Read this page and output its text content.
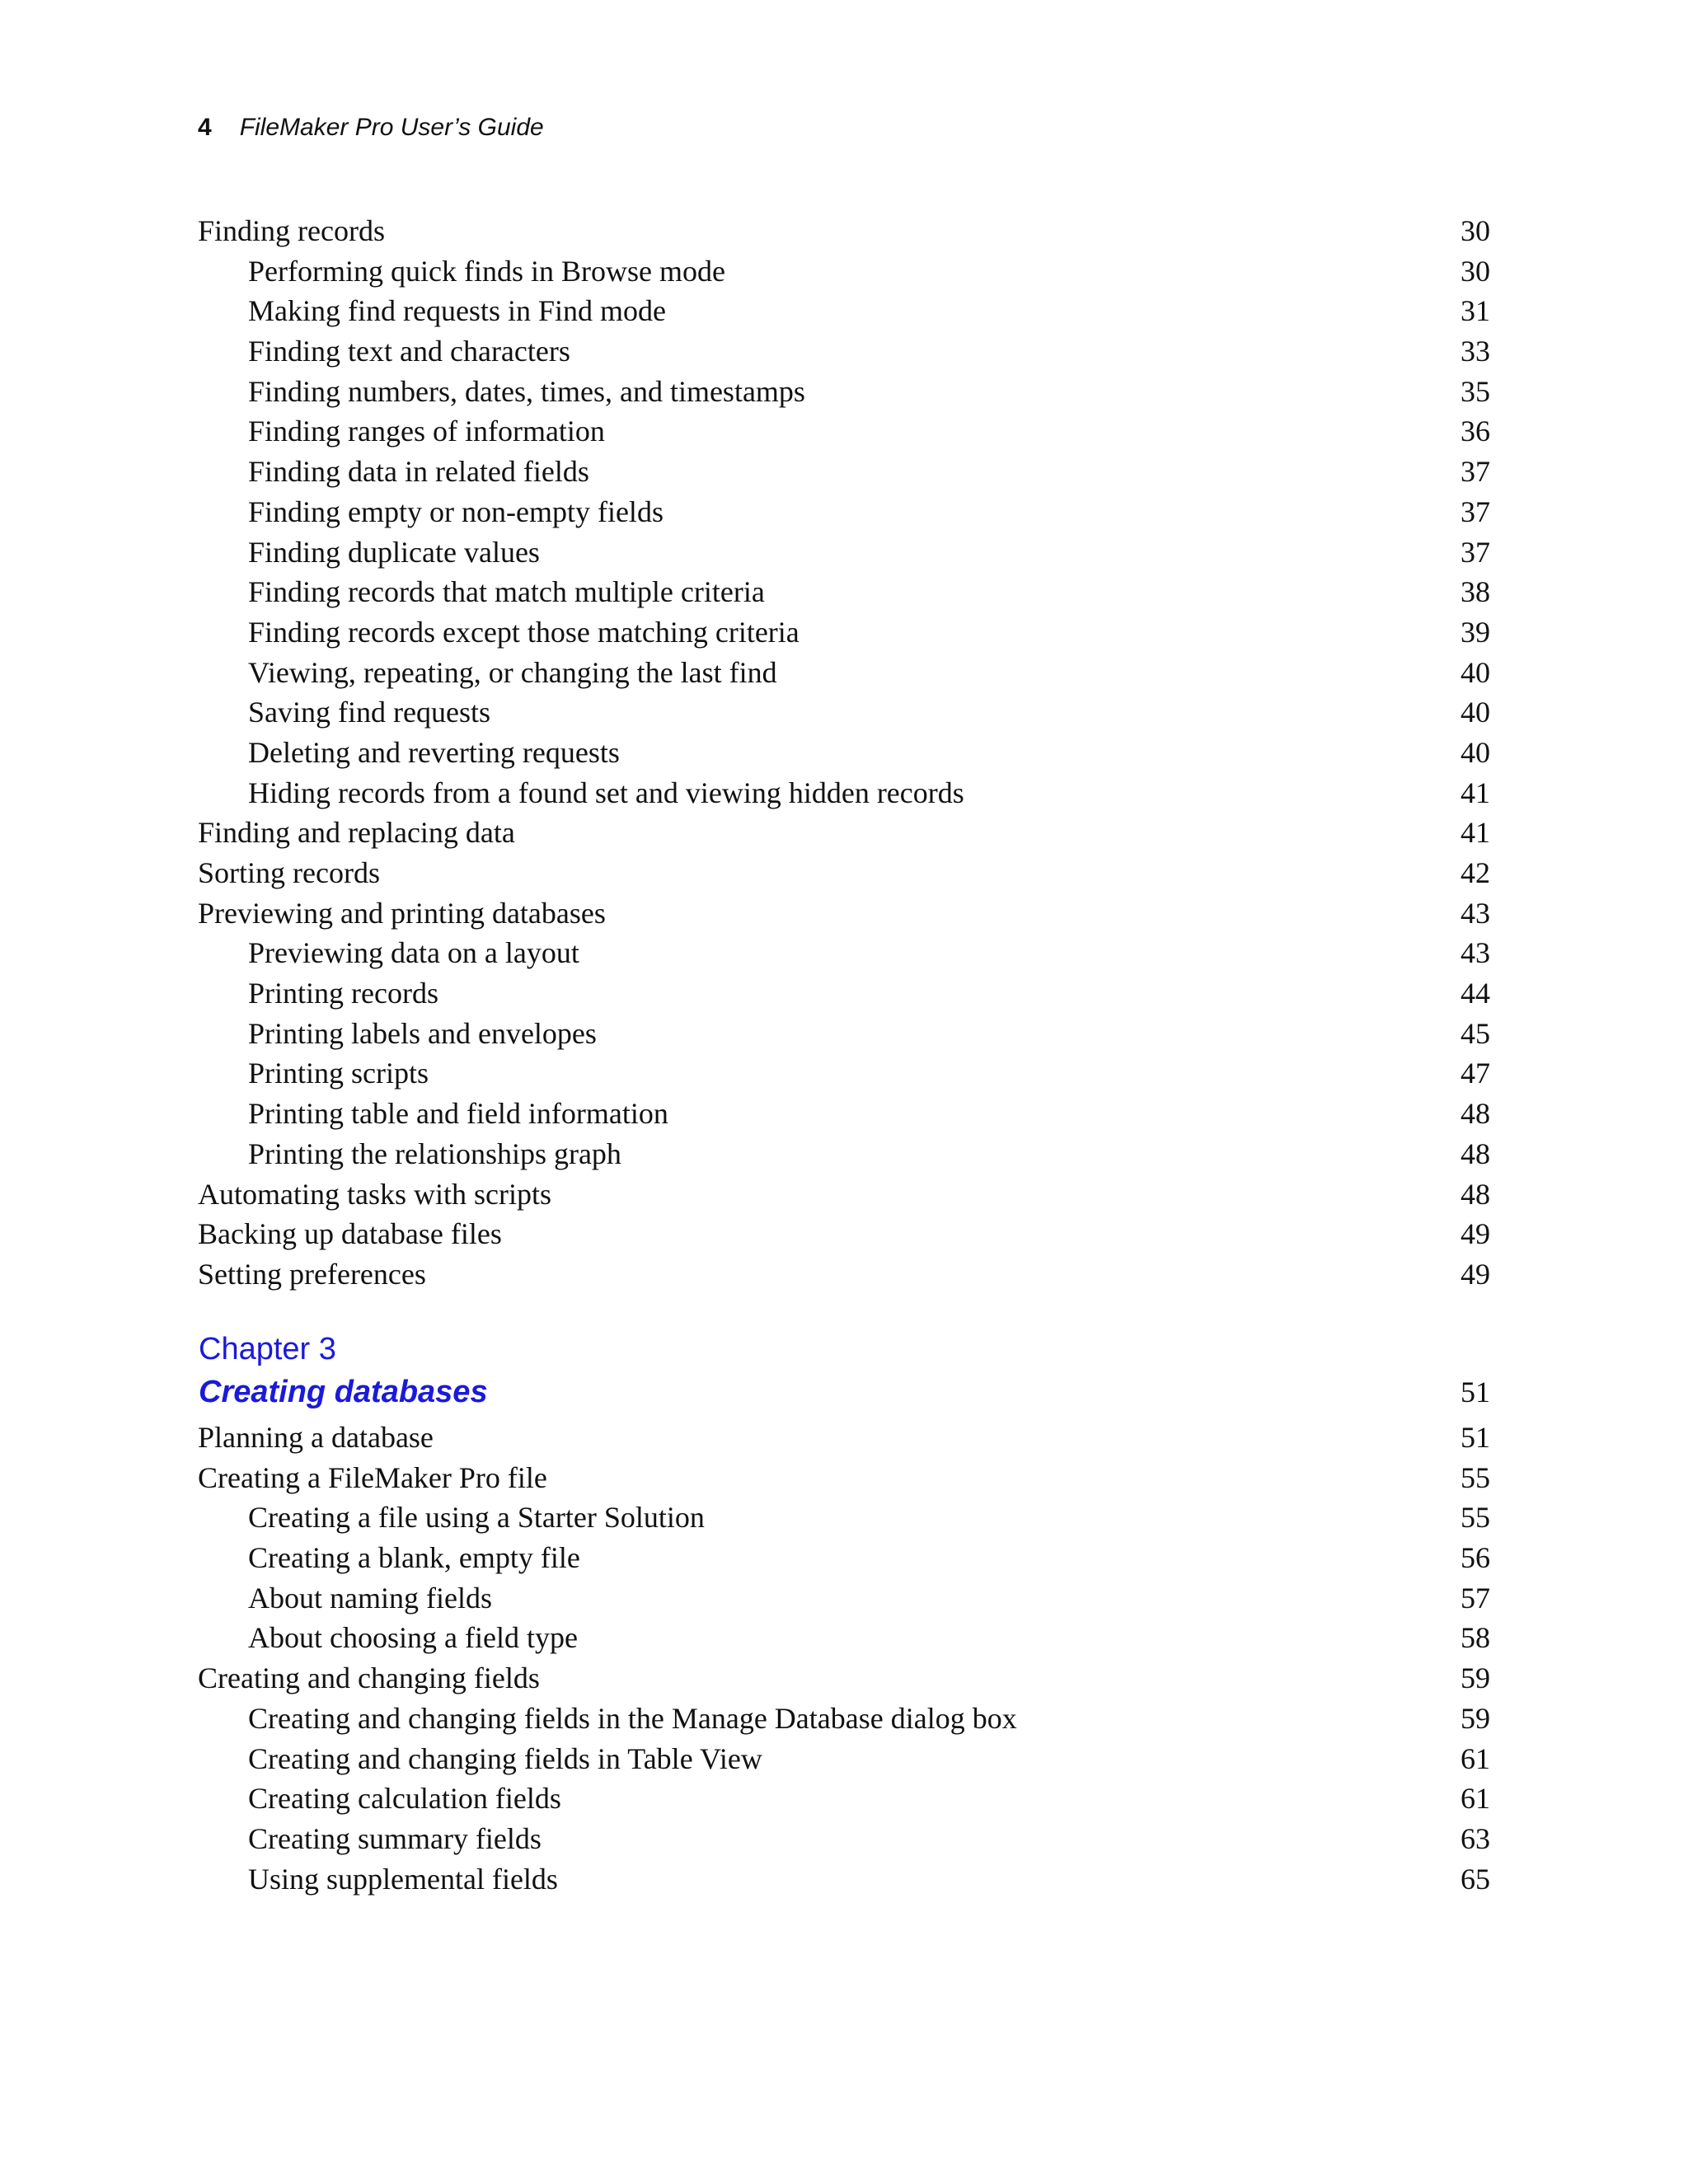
4 FileMaker Pro User’s Guide
Finding records	30
Performing quick finds in Browse mode	30
Making find requests in Find mode	31
Finding text and characters	33
Finding numbers, dates, times, and timestamps	35
Finding ranges of information	36
Finding data in related fields	37
Finding empty or non-empty fields	37
Finding duplicate values	37
Finding records that match multiple criteria	38
Finding records except those matching criteria	39
Viewing, repeating, or changing the last find	40
Saving find requests	40
Deleting and reverting requests	40
Hiding records from a found set and viewing hidden records	41
Finding and replacing data	41
Sorting records	42
Previewing and printing databases	43
Previewing data on a layout	43
Printing records	44
Printing labels and envelopes	45
Printing scripts	47
Printing table and field information	48
Printing the relationships graph	48
Automating tasks with scripts	48
Backing up database files	49
Setting preferences	49
Chapter 3
Creating databases	51
Planning a database	51
Creating a FileMaker Pro file	55
Creating a file using a Starter Solution	55
Creating a blank, empty file	56
About naming fields	57
About choosing a field type	58
Creating and changing fields	59
Creating and changing fields in the Manage Database dialog box	59
Creating and changing fields in Table View	61
Creating calculation fields	61
Creating summary fields	63
Using supplemental fields	65
